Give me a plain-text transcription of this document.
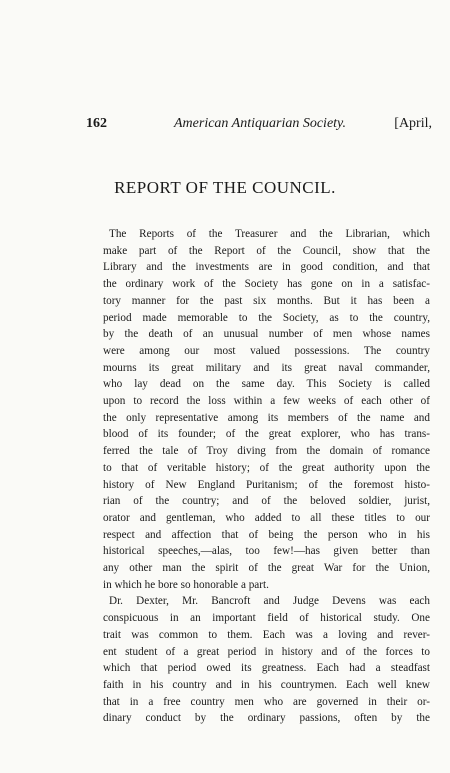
162	American Antiquarian Society.	[April,
REPORT OF THE COUNCIL.
The Reports of the Treasurer and the Librarian, which
make part of the Report of the Council, show that the
Library and the investments are in good condition, and that
the ordinary work of the Society has gone on in a satisfac-
tory manner for the past six months. But it has been a
period made memorable to the Society, as to the country,
by the death of an unusual number of men whose names
were among our most valued possessions. The country
mourns its great military and its great naval commander,
who lay dead on the same day. This Society is called
upon to record the loss within a few weeks of each other of
the only representative among its members of the name and
blood of its founder; of the great explorer, who has trans-
ferred the tale of Troy diving from the domain of romance
to that of veritable history; of the great authority upon the
history of New England Puritanism; of the foremost histo-
rian of the country; and of the beloved soldier, jurist,
orator and gentleman, who added to all these titles to our
respect and affection that of being the person who in his
historical speeches,—alas, too few!—has given better than
any other man the spirit of the great War for the Union,
in which he bore so honorable a part.
Dr. Dexter, Mr. Bancroft and Judge Devens was each
conspicuous in an important field of historical study. One
trait was common to them. Each was a loving and rever-
ent student of a great period in history and of the forces to
which that period owed its greatness. Each had a steadfast
faith in his country and in his countrymen. Each well knew
that in a free country men who are governed in their or-
dinary conduct by the ordinary passions, often by the
